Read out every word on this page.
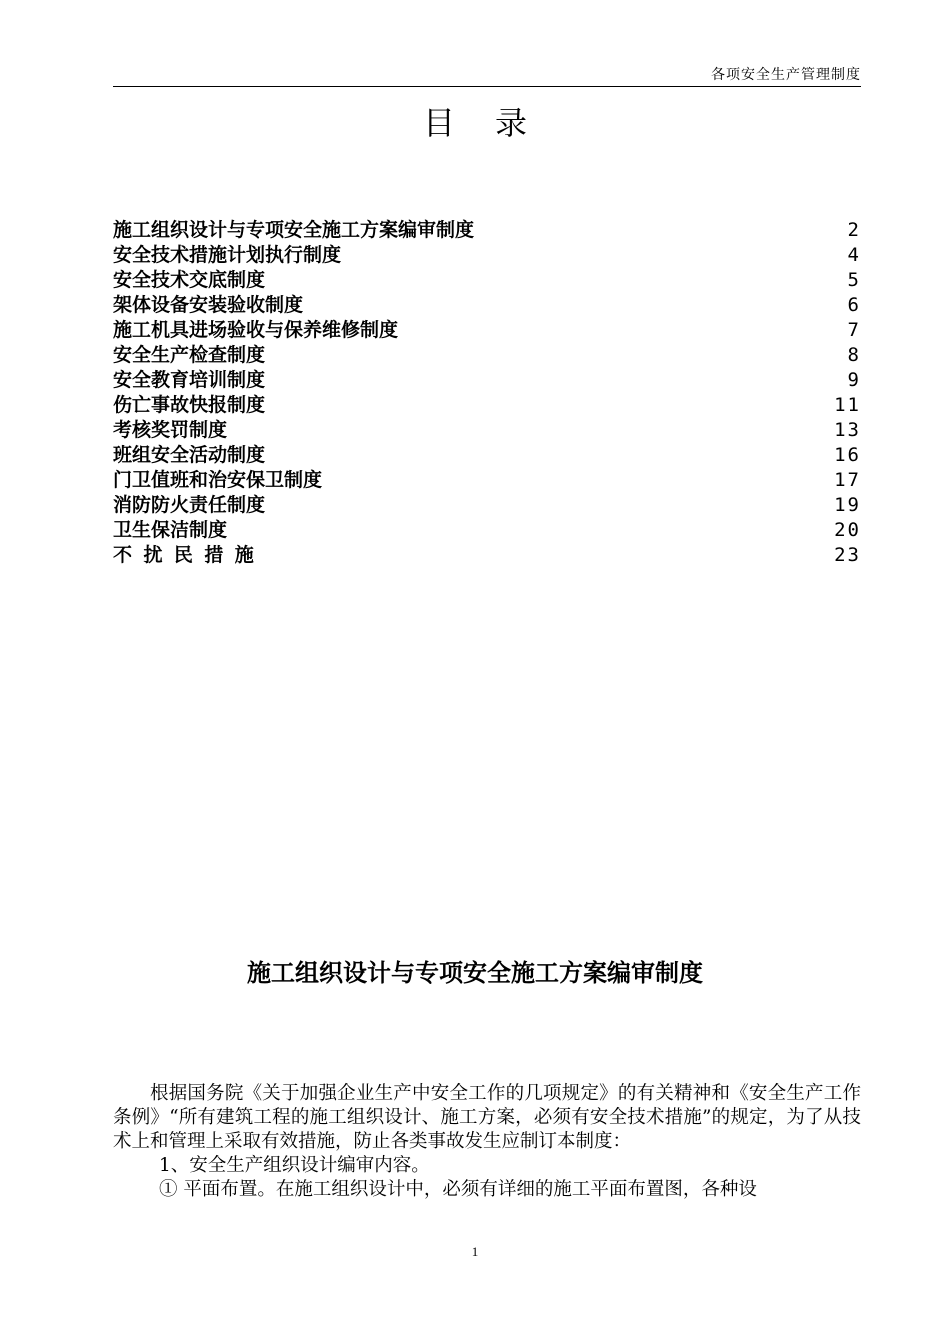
各项安全生产管理制度
目录
施工组织设计与专项安全施工方案编审制度	2
安全技术措施计划执行制度	4
安全技术交底制度	5
架体设备安装验收制度	6
施工机具进场验收与保养维修制度	7
安全生产检查制度	8
安全教育培训制度	9
伤亡事故快报制度	11
考核奖罚制度	13
班组安全活动制度	16
门卫值班和治安保卫制度	17
消防防火责任制度	19
卫生保洁制度	20
不 扰 民 措 施	23
施工组织设计与专项安全施工方案编审制度

根据国务院《关于加强企业生产中安全工作的几项规定》的有关精神和《安全生产工作条例》“所有建筑工程的施工组织设计、施工方案，必须有安全技术措施”的规定，为了从技术上和管理上采取有效措施，防止各类事故发生应制订本制度：

1、安全生产组织设计编审内容。

① 平面布置。在施工组织设计中，必须有详细的施工平面布置图，各种设

1
